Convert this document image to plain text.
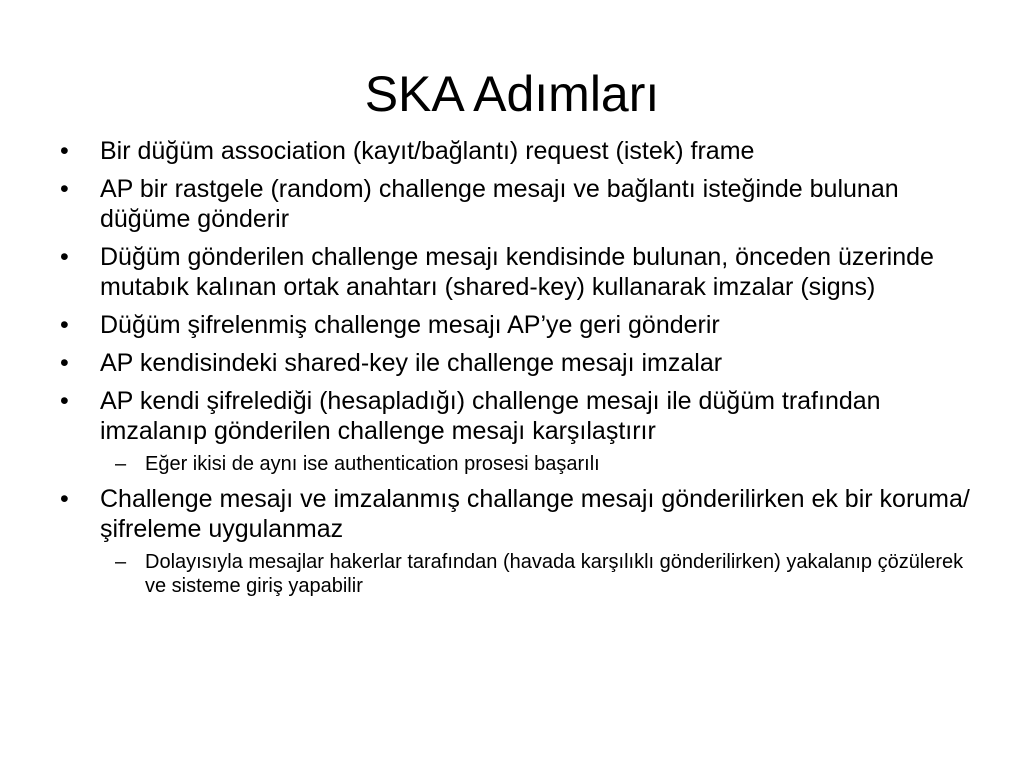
SKA Adımları
•	Bir düğüm association (kayıt/bağlantı) request (istek) frame
•	AP bir rastgele (random) challenge mesajı ve bağlantı isteğinde bulunan düğüme gönderir
•	Düğüm gönderilen challenge mesajı kendisinde bulunan, önceden üzerinde mutabık kalınan ortak anahtarı (shared-key) kullanarak imzalar (signs)
•	Düğüm şifrelenmiş challenge mesajı AP’ye geri gönderir
•	AP kendisindeki shared-key ile challenge mesajı imzalar
•	AP kendi şifrelediği (hesapladığı) challenge mesajı ile düğüm trafından imzalanıp gönderilen challenge mesajı karşılaştırır
– Eğer ikisi de aynı ise authentication prosesi başarılı
•	Challenge mesajı ve imzalanmış challange mesajı gönderilirken ek bir koruma/şifreleme uygulanmaz
– Dolayısıyla mesajlar hakerlar tarafından (havada karşılıklı gönderilirken) yakalanıp çözülerek ve sisteme giriş yapabilir
